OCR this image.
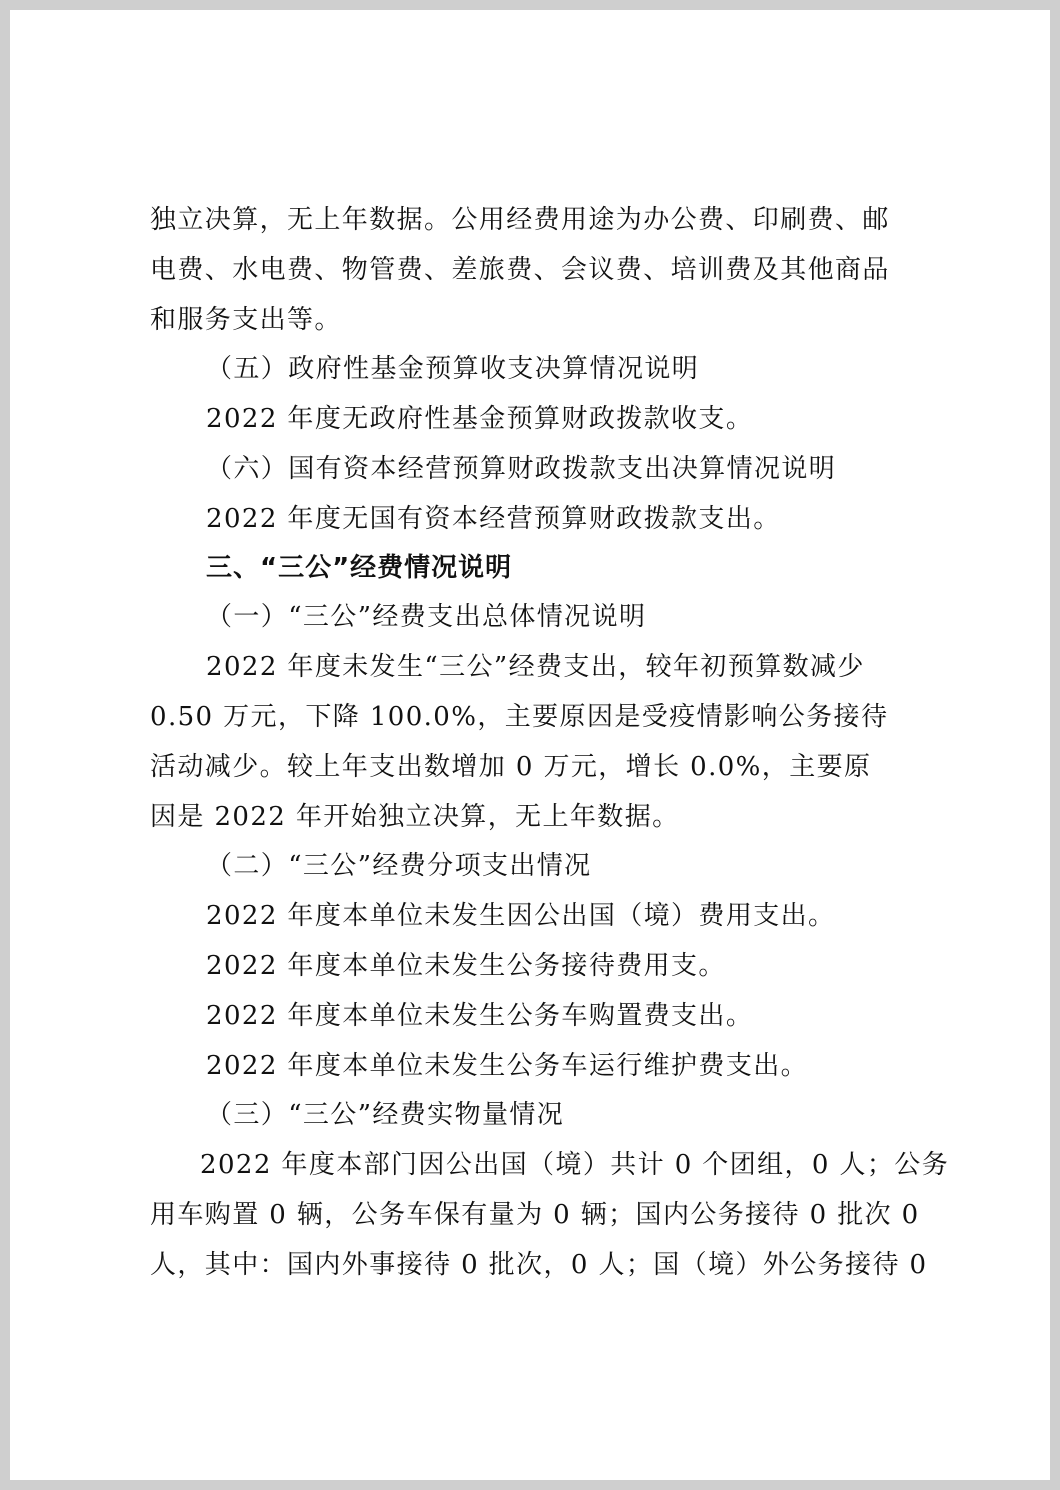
独立决算，无上年数据。公用经费用途为办公费、印刷费、邮
电费、水电费、物管费、差旅费、会议费、培训费及其他商品
和服务支出等。
（五）政府性基金预算收支决算情况说明
2022 年度无政府性基金预算财政拨款收支。
（六）国有资本经营预算财政拨款支出决算情况说明
2022 年度无国有资本经营预算财政拨款支出。
三、“三公”经费情况说明
（一）“三公”经费支出总体情况说明
2022 年度未发生“三公”经费支出，较年初预算数减少
0.50 万元，下降 100.0%，主要原因是受疫情影响公务接待
活动减少。较上年支出数增加 0 万元，增长 0.0%，主要原
因是 2022 年开始独立决算，无上年数据。
（二）“三公”经费分项支出情况
2022 年度本单位未发生因公出国（境）费用支出。
2022 年度本单位未发生公务接待费用支。
2022 年度本单位未发生公务车购置费支出。
2022 年度本单位未发生公务车运行维护费支出。
（三）“三公”经费实物量情况
2022 年度本部门因公出国（境）共计 0 个团组，0 人；公务
用车购置 0 辆，公务车保有量为 0 辆；国内公务接待 0 批次 0
人，其中：国内外事接待 0 批次，0 人；国（境）外公务接待 0
